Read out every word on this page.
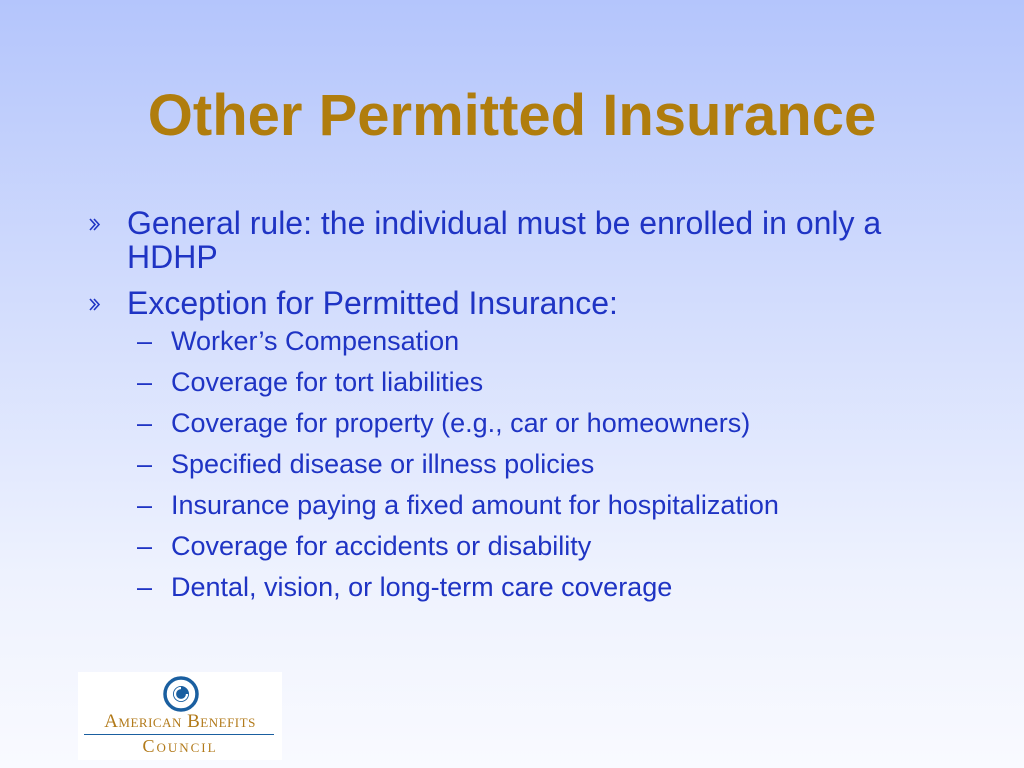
Other Permitted Insurance
General rule: the individual must be enrolled in only a HDHP
Exception for Permitted Insurance:
– Worker’s Compensation
– Coverage for tort liabilities
– Coverage for property (e.g., car or homeowners)
– Specified disease or illness policies
– Insurance paying a fixed amount for hospitalization
– Coverage for accidents or disability
– Dental, vision, or long-term care coverage
American Benefits
Council
